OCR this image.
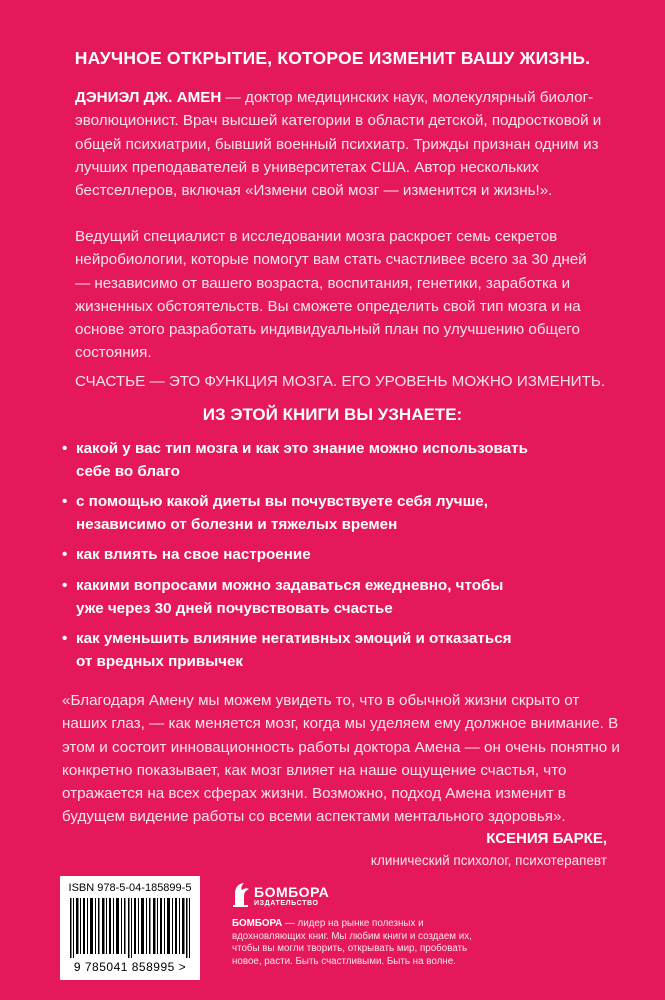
НАУЧНОЕ ОТКРЫТИЕ, КОТОРОЕ ИЗМЕНИТ ВАШУ ЖИЗНЬ.
ДЭНИЭЛ ДЖ. АМЕН — доктор медицинских наук, молекулярный биолог-эволюционист. Врач высшей категории в области детской, подростковой и общей психиатрии, бывший военный психиатр. Трижды признан одним из лучших преподавателей в университетах США. Автор нескольких бестселлеров, включая «Измени свой мозг — изменится и жизнь!».
Ведущий специалист в исследовании мозга раскроет семь секретов нейробиологии, которые помогут вам стать счастливее всего за 30 дней — независимо от вашего возраста, воспитания, генетики, заработка и жизненных обстоятельств. Вы сможете определить свой тип мозга и на основе этого разработать индивидуальный план по улучшению общего состояния.
СЧАСТЬЕ — ЭТО ФУНКЦИЯ МОЗГА. ЕГО УРОВЕНЬ МОЖНО ИЗМЕНИТЬ.
ИЗ ЭТОЙ КНИГИ ВЫ УЗНАЕТЕ:
• какой у вас тип мозга и как это знание можно использовать
себе во благо
• с помощью какой диеты вы почувствуете себя лучше,
независимо от болезни и тяжелых времен
• как влиять на свое настроение
• какими вопросами можно задаваться ежедневно, чтобы
уже через 30 дней почувствовать счастье
• как уменьшить влияние негативных эмоций и отказаться
от вредных привычек
«Благодаря Амену мы можем увидеть то, что в обычной жизни скрыто от наших глаз, — как меняется мозг, когда мы уделяем ему должное внимание. В этом и состоит инновационность работы доктора Амена — он очень понятно и конкретно показывает, как мозг влияет на наше ощущение счастья, что отражается на всех сферах жизни. Возможно, подход Амена изменит в будущем видение работы со всеми аспектами ментального здоровья».
КСЕНИЯ БАРКЕ,
клинический психолог, психотерапевт
ISBN 978-5-04-185899-5
9 785041 858995 >
БОМБОРА
ИЗДАТЕЛЬСТВО
БОМБОРА — лидер на рынке полезных и вдохновляющих книг. Мы любим книги и создаем их, чтобы вы могли творить, открывать мир, пробовать новое, расти. Быть счастливыми. Быть на волне.
